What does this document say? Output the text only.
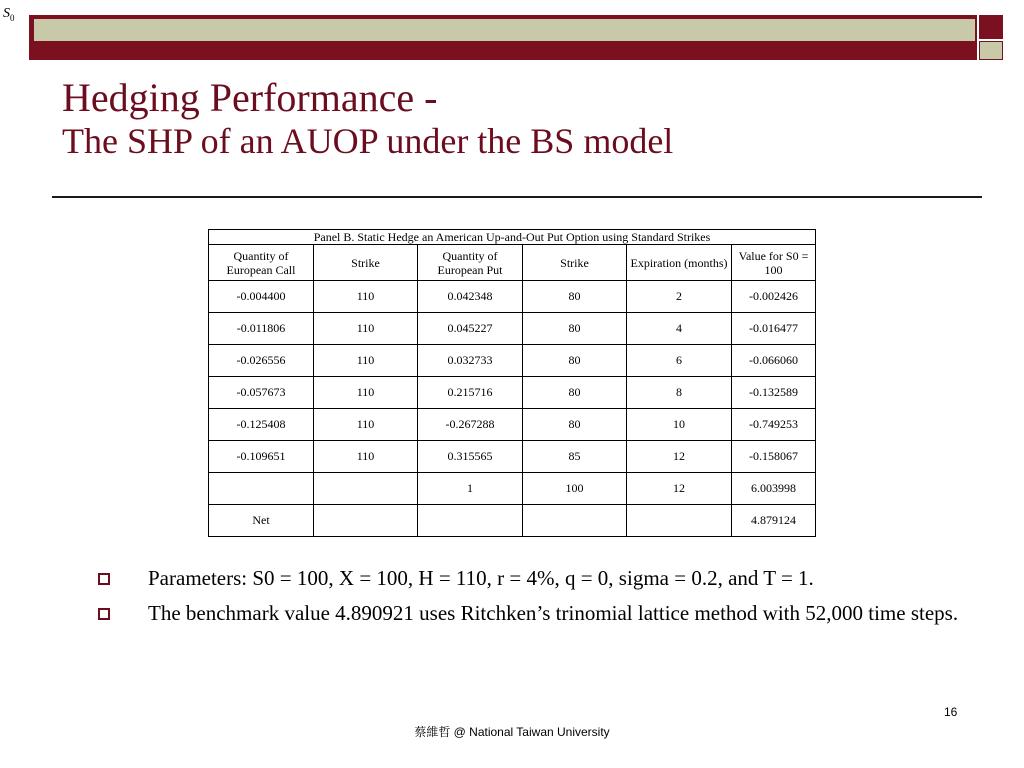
$S_0$
Hedging Performance -
The SHP of an AUOP under the BS model
Panel B. Static Hedge an American Up-and-Out Put Option using Standard Strikes					
Quantity of European Call	Strike	Quantity of European Put	Strike	Expiration (months)	Value for S0 = 100
-0.004400	110	0.042348	80	2	-0.002426
-0.011806	110	0.045227	80	4	-0.016477
-0.026556	110	0.032733	80	6	-0.066060
-0.057673	110	0.215716	80	8	-0.132589
-0.125408	110	-0.267288	80	10	-0.749253
-0.109651	110	0.315565	85	12	-0.158067
		1	100	12	6.003998
Net					4.879124
Parameters: S0 = 100, X = 100, H = 110, r = 4%, q = 0, sigma = 0.2, and T = 1.
The benchmark value 4.890921 uses Ritchken’s trinomial lattice method with 52,000 time steps.
16
蔡維哲 @ National Taiwan University
